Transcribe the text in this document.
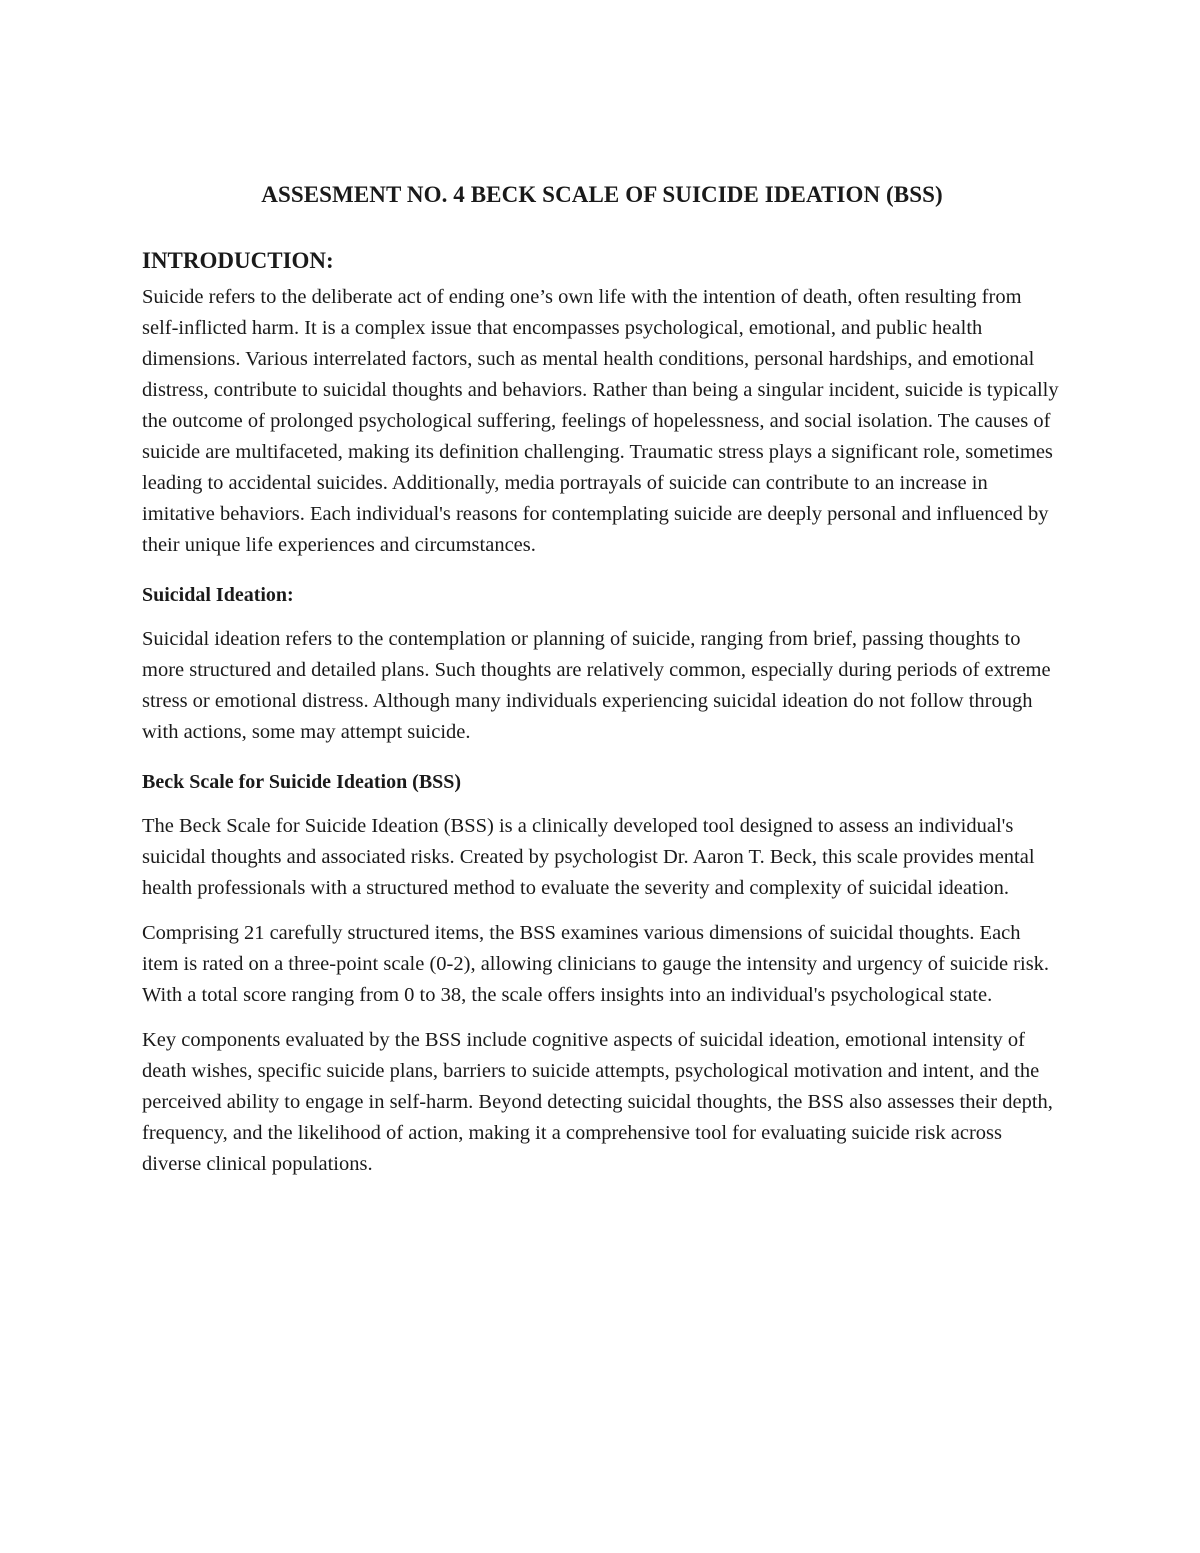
ASSESMENT NO. 4 BECK SCALE OF SUICIDE IDEATION (BSS)
INTRODUCTION:

Suicide refers to the deliberate act of ending one’s own life with the intention of death, often resulting from self-inflicted harm. It is a complex issue that encompasses psychological, emotional, and public health dimensions. Various interrelated factors, such as mental health conditions, personal hardships, and emotional distress, contribute to suicidal thoughts and behaviors. Rather than being a singular incident, suicide is typically the outcome of prolonged psychological suffering, feelings of hopelessness, and social isolation. The causes of suicide are multifaceted, making its definition challenging. Traumatic stress plays a significant role, sometimes leading to accidental suicides. Additionally, media portrayals of suicide can contribute to an increase in imitative behaviors. Each individual's reasons for contemplating suicide are deeply personal and influenced by their unique life experiences and circumstances.

Suicidal Ideation:

Suicidal ideation refers to the contemplation or planning of suicide, ranging from brief, passing thoughts to more structured and detailed plans. Such thoughts are relatively common, especially during periods of extreme stress or emotional distress. Although many individuals experiencing suicidal ideation do not follow through with actions, some may attempt suicide.

Beck Scale for Suicide Ideation (BSS)

The Beck Scale for Suicide Ideation (BSS) is a clinically developed tool designed to assess an individual's suicidal thoughts and associated risks. Created by psychologist Dr. Aaron T. Beck, this scale provides mental health professionals with a structured method to evaluate the severity and complexity of suicidal ideation.

Comprising 21 carefully structured items, the BSS examines various dimensions of suicidal thoughts. Each item is rated on a three-point scale (0-2), allowing clinicians to gauge the intensity and urgency of suicide risk. With a total score ranging from 0 to 38, the scale offers insights into an individual's psychological state.

Key components evaluated by the BSS include cognitive aspects of suicidal ideation, emotional intensity of death wishes, specific suicide plans, barriers to suicide attempts, psychological motivation and intent, and the perceived ability to engage in self-harm. Beyond detecting suicidal thoughts, the BSS also assesses their depth, frequency, and the likelihood of action, making it a comprehensive tool for evaluating suicide risk across diverse clinical populations.
